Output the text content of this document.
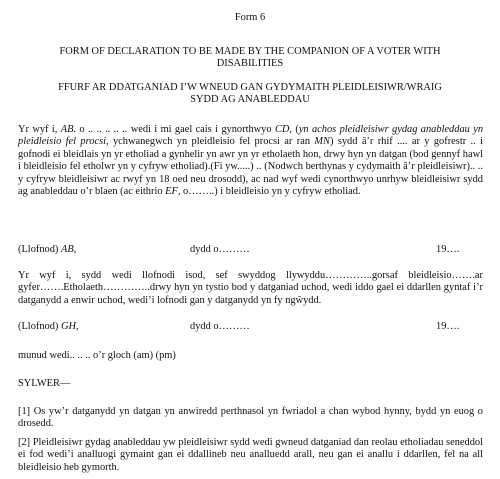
Form 6
FORM OF DECLARATION TO BE MADE BY THE COMPANION OF A VOTER WITH DISABILITIES
FFURF AR DDATGANIAD I’W WNEUD GAN GYDYMAITH PLEIDLEISIWR/WRAIG SYDD AG ANABLEDDAU

Yr wyf i, AB. o .. .. .. .. .. wedi i mi gael cais i gynorthwyo CD, (yn achos pleidleisiwr gydag anableddau yn pleidleisio fel procsi, ychwanegwch yn pleidleisio fel procsi ar ran MN) sydd â’r rhif .... ar y gofrestr .. i gofnodi ei bleidlais yn yr etholiad a gynhelir yn awr yn yr etholaeth hon, drwy hyn yn datgan (bod gennyf hawl i bleidleisio fel etholwr yn y cyfryw etholiad).(Fi yw.....) .. (Nodwch berthynas y cydymaith â’r pleidleisiwr).. .. y cyfryw bleidleisiwr ac rwyf yn 18 oed neu drosodd), ac nad wyf wedi cynorthwyo unrhyw bleidleisiwr sydd ag anableddau o’r blaen (ac eithrio EF, o……..) i bleidleisio yn y cyfryw etholiad.

(Llofnod) AB,	dydd o………	19….

Yr wyf i, sydd wedi llofnodi isod, sef swyddog llywyddu…………..gorsaf bleidleisio…….ar gyfer…….Etholaeth…………..drwy hyn yn tystio bod y datganiad uchod, wedi iddo gael ei ddarllen gyntaf i’r datganydd a enwir uchod, wedi’i lofnodi gan y datganydd yn fy ngŵydd.

(Llofnod) GH,	dydd o………	19….
munud wedi.. .. .. o’r gloch (am) (pm)
SYLWER—

[1] Os yw’r datganydd yn datgan yn anwiredd perthnasol yn fwriadol a chan wybod hynny, bydd yn euog o drosedd.

[2] Pleidleisiwr gydag anableddau yw pleidleisiwr sydd wedi gwneud datganiad dan reolau etholiadau seneddol ei fod wedi’i analluogi gymaint gan ei ddallineb neu analluedd arall, neu gan ei anallu i ddarllen, fel na all bleidleisio heb gymorth.
